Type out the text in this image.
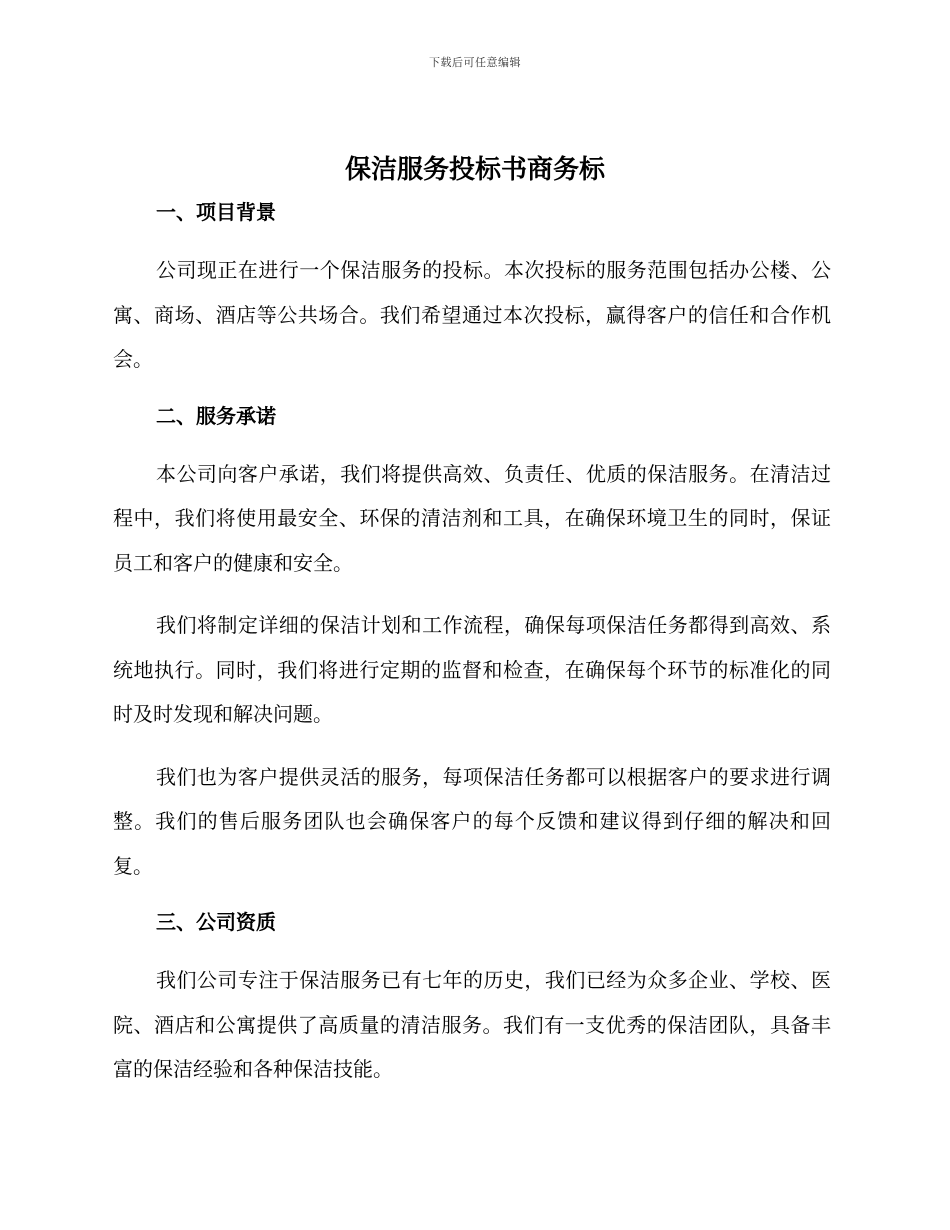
下载后可任意编辑
保洁服务投标书商务标
一、项目背景

公司现正在进行一个保洁服务的投标。本次投标的服务范围包括办公楼、公寓、商场、酒店等公共场合。我们希望通过本次投标，赢得客户的信任和合作机会。

二、服务承诺

本公司向客户承诺，我们将提供高效、负责任、优质的保洁服务。在清洁过程中，我们将使用最安全、环保的清洁剂和工具，在确保环境卫生的同时，保证员工和客户的健康和安全。

我们将制定详细的保洁计划和工作流程，确保每项保洁任务都得到高效、系统地执行。同时，我们将进行定期的监督和检查，在确保每个环节的标准化的同时及时发现和解决问题。

我们也为客户提供灵活的服务，每项保洁任务都可以根据客户的要求进行调整。我们的售后服务团队也会确保客户的每个反馈和建议得到仔细的解决和回复。

三、公司资质

我们公司专注于保洁服务已有七年的历史，我们已经为众多企业、学校、医院、酒店和公寓提供了高质量的清洁服务。我们有一支优秀的保洁团队，具备丰富的保洁经验和各种保洁技能。
